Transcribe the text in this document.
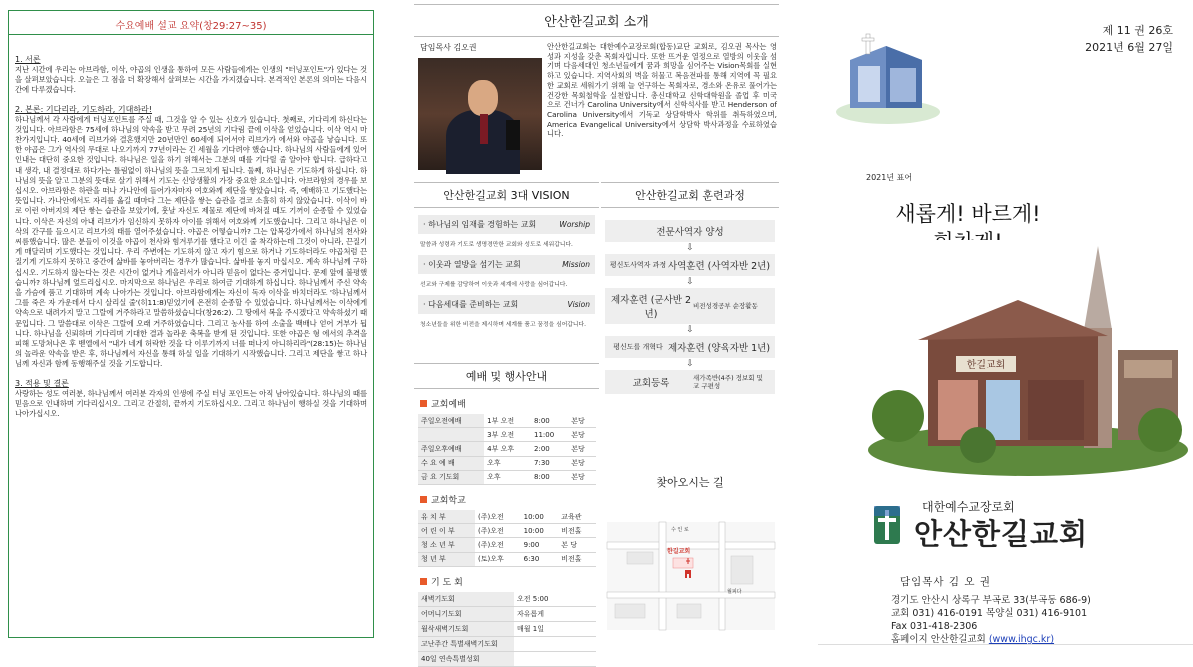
수요예배 설교 요약(창29:27~35)
1. 서론
지난 시간에 우리는 아브라함, 이삭, 야곱의 인생을 통하여 모든 사람들에게는 인생의 "터닝포인트"가 있다는 것을 살펴보았습니다. 오늘은 그 점을 더 확장해서 살펴보는 시간을 가지겠습니다. 본격적인 본론의 의미는 다음시간에 다루겠습니다.
2. 본론: 기다리라, 기도하라, 기대하라!
하나님께서 각 사람에게 터닝포인트를 주실 때, 그것을 알 수 있는 신호가 있습니다. 첫째로, 기다리게 하신다는 것입니다. 아브라함은 75세에 하나님의 약속을 받고 무려 25년의 기다림 끝에 이삭을 얻었습니다. 이삭 역시 마찬가지입니다. 40세에 리브가와 결혼했지만 20년만인 60세에 되어서야 리브가가 에서와 야곱을 낳습니다. 또한 야곱은 그가 역사의 무대로 나오기까지 77년이라는 긴 세월을 기다려야 했습니다. 하나님의 사람들에게 있어 인내는 대단히 중요한 것입니다. 하나님은 일을 하기 위해서는 그분의 때를 기다릴 줄 알아야 합니다. 급하다고 내 생각, 내 결정대로 하다가는 틀림없이 하나님의 뜻을 그르치게 됩니다. 둘째, 하나님은 기도하게 하십니다. 하나님의 뜻을 알고 그분의 뜻대로 살기 위해서 기도는 신앙생활의 가장 중요한 요소입니다. 아브라함의 경우를 보십시오. 아브라함은 하란을 떠나 가나안에 들어가자마자 여호와께 제단을 쌓았습니다. 즉, 예배하고 기도했다는 뜻입니다. 가나안에서도 자리를 옮길 때마다 그는 제단을 쌓는 습관을 결코 소홀히 하지 않았습니다. 이삭이 바로 이런 아버지의 제단 쌓는 습관을 보았기에, 훗날 자신도 제물로 제단에 바쳐질 때도 기꺼이 순종할 수 있었습니다. 이삭은 자신의 아내 리브가가 임신하지 못하자 아이를 위해서 여호와께 기도했습니다. 그리고 하나님은 이삭의 간구를 들으시고 리브가의 태를 열어주셨습니다. 야곱은 어떻습니까? 그는 압복강가에서 하나님의 천사와 씨름했습니다. 많은 분들이 이것을 야곱이 천사와 힘겨루기를 했다고 이긴 줄 착각하는데 그것이 아니라, 끈질기게 매달리며 기도했다는 것입니다. 우리 주변에는 기도하지 않고 자기 힘으로 하거나 기도하더라도 야곱처럼 끈질기게 기도하지 못하고 중간에 삶바를 놓아버리는 경우가 많습니다. 삶바를 놓지 마십시오. 계속 하나님께 구하십시오. 기도하지 않는다는 것은 시간이 없거나 게을러서가 아니라 믿음이 없다는 증거입니다. 문제 앞에 불평했습니까? 하나님께 엎드리십시오. 마지막으로 하나님은 우리로 하여금 기대하게 하십니다. 하나님께서 주신 약속을 가슴에 품고 기대하며 계속 나아가는 것입니다. 아브라함에게는 자신이 독자 이삭을 바치더라도 '하나님께서 그를 죽은 자 가운데서 다시 살리실 줄'(히11:8)믿었기에 온전히 순종할 수 있었습니다. 하나님께서는 이삭에게 약속으로 내려가지 말고 그랄에 거주하라고 말씀하셨습니다(창26:2). 그 땅에서 복을 주시겠다고 약속하셨기 때문입니다. 그 말씀대로 이삭은 그랄에 오래 거주하였습니다. 그리고 농사를 하여 소출을 백배나 얻어 거부가 됩니다. 하나님을 신뢰하며 기다리며 기대한 결과 놀라운 축복을 받게 된 것입니다. 또한 야곱은 형 에서의 추격을 피해 도망쳐나온 후 벧엘에서 "내가 네게 허락한 것을 다 이루기까지 너를 떠나지 아니하리라"(28:15)는 하나님의 놀라운 약속을 받은 후, 하나님께서 자신을 통해 하실 일을 기대하기 시작했습니다. 그리고 제단을 쌓고 하나님께 자신과 함께 동행해주실 것을 기도합니다.
3. 적용 및 결론
사랑하는 성도 여러분, 하나님께서 여러분 각자의 인생에 주실 터닝 포인트는 아직 남아있습니다. 하나님의 때를 믿음으로 인내하며 기다리십시오. 그리고 간절히, 끝까지 기도하십시오. 그리고 하나님이 행하실 것을 기대하며 나아가십시오.
안산한길교회 소개
담임목사 김오권	안산한길교회는 대한예수교장로회(합동)교단 교회로, 김오권 목사는 영성과 지성을 갖춘 목회자입니다. 또한 뜨거운 열정으로 열방의 이웃을 섬기며 다음세대인 청소년들에게 꿈과 희망을 심어주는 Vision목회를 실현하고 있습니다. 지역사회의 벽을 허물고 복음전파를 통해 지역에 꼭 필요한 교회로 세워가기 위해 늘 연구하는 목회자로, 경소와 온유로 풀어가는 건강한 목회철학을 실천합니다. 총신대학교 신학대학원을 졸업 후 미국으로 건너가 Carolina University에서 신학석사를 받고 Henderson of Carolina University에서 기독교 상담학박사 학위를 취득하였으며, America Evangelical University에서 상담학 박사과정을 수료하였습니다.
안산한길교회 3대 VISION
· 하나님의 임재를 경험하는 교회	Worship
말씀과 성령과 기도로 생명경만한 교회와 성도로 세워갑니다.
· 이웃과 열방을 섬기는 교회	Mission
선교와 구제를 감당하여 이웃과 세계에 사랑을 심어갑니다.
· 다음세대를 준비하는 교회	Vision
청소년들을 위한 비전을 제시하며 세계를 품고 꿈정을 심어갑니다.
안산한길교회 훈련과정
전문사역자 양성
⇩
평신도사역자 과정 사역훈련 (사역자반 2년)
⇩
제자훈련 (군사반 2년)
비전성경공부 순장활동
⇩
평신도를 개혁다 제자훈련 (양육자반 1년)
⇩
교회등록	새가족반(4주) 정보회 및 교 구편성
예배 및 행사안내
교회예배
주일오전예배	1부 오전	8:00	본당
	3부 오전	11:00	본당
주일오후예배	4부 오후	2:00	본당
수 요 예 배	오후	7:30	본당
금 요 기도회	오후	8:00	본당
교회학교
유 치 부	(주)오전	10:00	교육관
어 린 이 부	(주)오전	10:00	비전홀
청 소 년 부	(주)오전	9:00	본 당
청 년 부	(토)오후	6:30	비전홀
기 도 회
새벽기도회	오전 5:00
어머니기도회	자유롭게
월삭새벽기도회	매월 1일
고난주간 특별새벽기도회	
40일 연속특별성회	
찾아오시는 길
한길교회
수 인 로
월피다
제 11 권 26호
2021년 6월 27일
2021년 표어
새롭게! 바르게!
한길교회
대한예수교장로회
안산한길교회
담임목사 김 오 권
경기도 안산시 상록구 부곡로 33(부곡동 686-9)
교회 031) 416-0191 목양실 031) 416-9101
Fax 031-418-2306
홈페이지 안산한길교회 (www.ihgc.kr)
